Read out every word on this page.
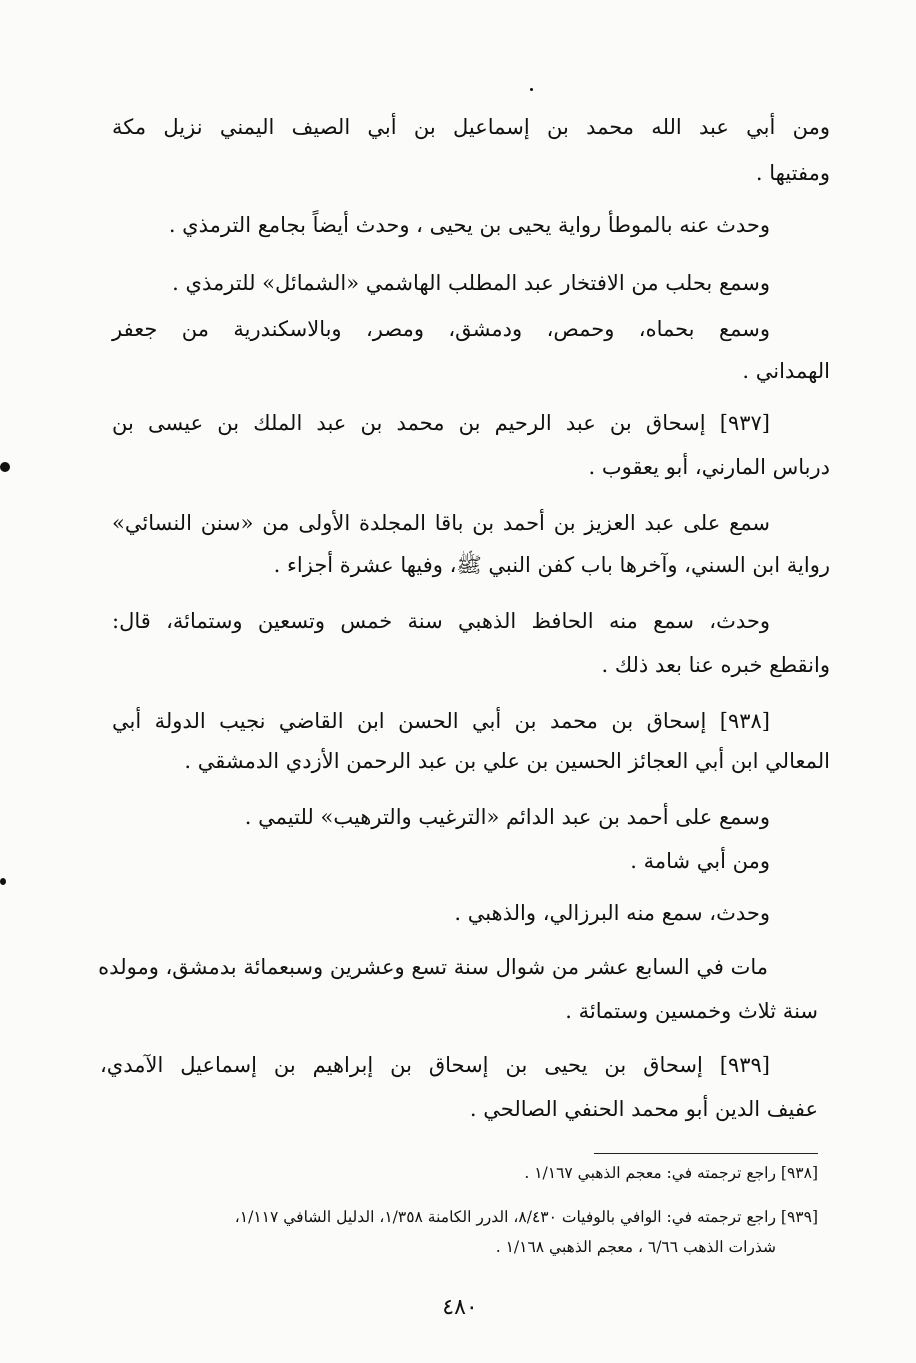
ومن أبي عبد الله محمد بن إسماعيل بن أبي الصيف اليمني نزيل مكة

ومفتيها .

وحدث عنه بالموطأ رواية يحيى بن يحيى ، وحدث أيضاً بجامع الترمذي .

وسمع بحلب من الافتخار عبد المطلب الهاشمي «الشمائل» للترمذي .

وسمع بحماه، وحمص، ودمشق، ومصر، وبالاسكندرية من جعفر

الهمداني .

[٩٣٧] إسحاق بن عبد الرحيم بن محمد بن عبد الملك بن عيسى بن

درباس المارني، أبو يعقوب .

سمع على عبد العزيز بن أحمد بن باقا المجلدة الأولى من «سنن النسائي»

رواية ابن السني، وآخرها باب كفن النبي ﷺ، وفيها عشرة أجزاء .

وحدث، سمع منه الحافظ الذهبي سنة خمس وتسعين وستمائة، قال:

وانقطع خبره عنا بعد ذلك .

[٩٣٨] إسحاق بن محمد بن أبي الحسن ابن القاضي نجيب الدولة أبي

المعالي ابن أبي العجائز الحسين بن علي بن عبد الرحمن الأزدي الدمشقي .

وسمع على أحمد بن عبد الدائم «الترغيب والترهيب» للتيمي .

ومن أبي شامة .

وحدث، سمع منه البرزالي، والذهبي .

مات في السابع عشر من شوال سنة تسع وعشرين وسبعمائة بدمشق، ومولده

سنة ثلاث وخمسين وستمائة .

[٩٣٩] إسحاق بن يحيى بن إسحاق بن إبراهيم بن إسماعيل الآمدي،

عفيف الدين أبو محمد الحنفي الصالحي .

[٩٣٨] راجع ترجمته في: معجم الذهبي ١/١٦٧ .
[٩٣٩] راجع ترجمته في: الوافي بالوفيات ٨/٤٣٠، الدرر الكامنة ١/٣٥٨، الدليل الشافي ١/١١٧،
شذرات الذهب ٦/٦٦ ، معجم الذهبي ١/١٦٨ .
٤٨٠
